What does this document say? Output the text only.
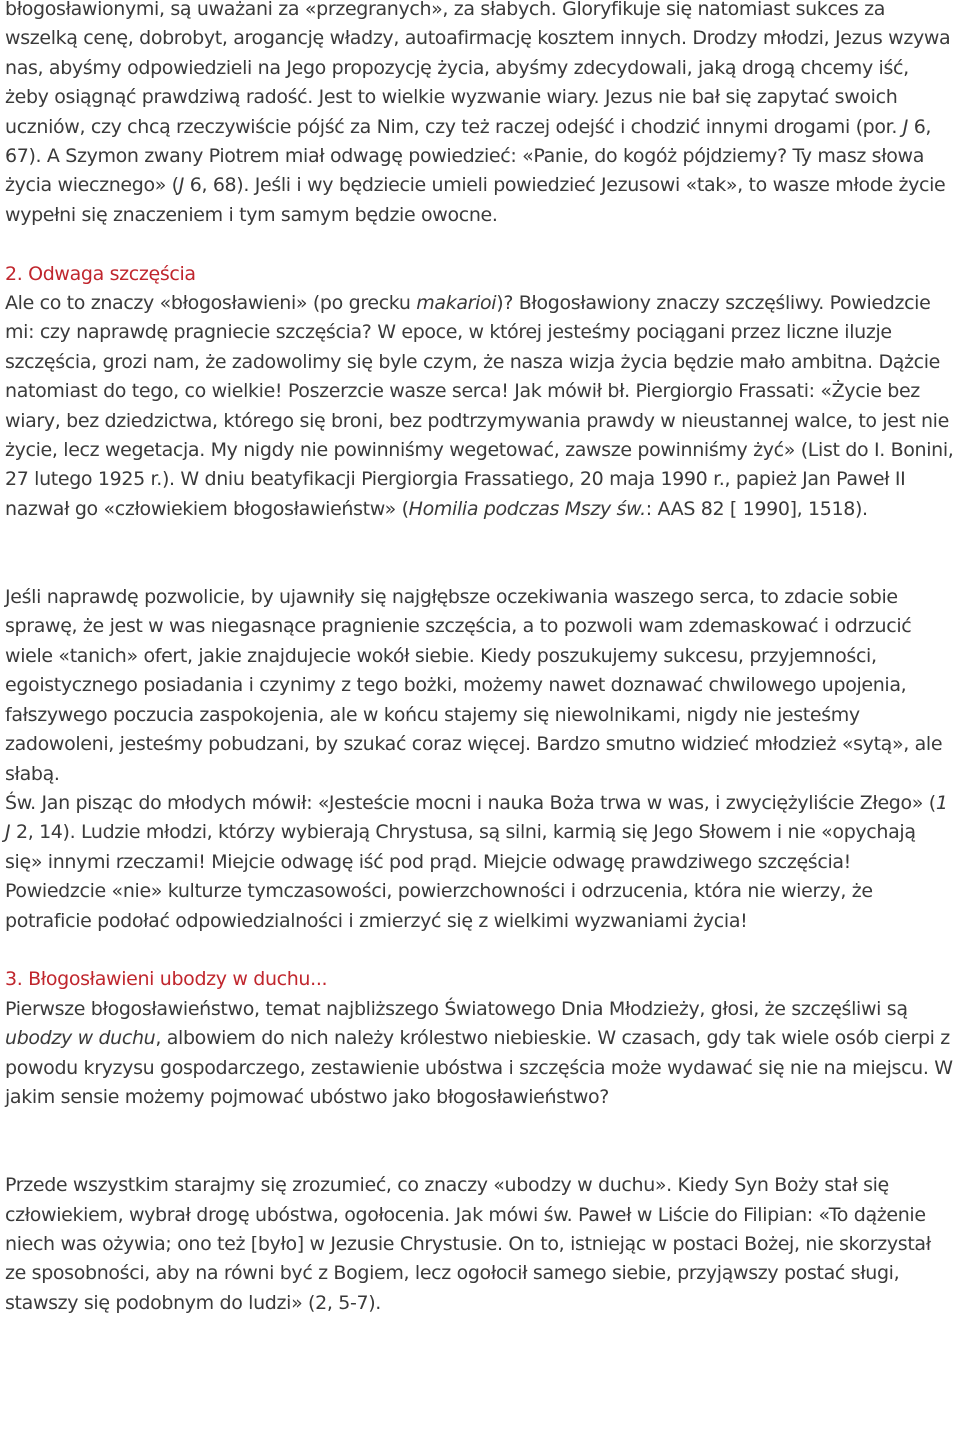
błogosławionymi, są uważani za «przegranych», za słabych. Gloryfikuje się natomiast sukces za wszelką cenę, dobrobyt, arogancję władzy, autoafirmację kosztem innych. Drodzy młodzi, Jezus wzywa nas, abyśmy odpowiedzieli na Jego propozycję życia, abyśmy zdecydowali, jaką drogą chcemy iść, żeby osiągnąć prawdziwą radość. Jest to wielkie wyzwanie wiary. Jezus nie bał się zapytać swoich uczniów, czy chcą rzeczywiście pójść za Nim, czy też raczej odejść i chodzić innymi drogami (por. J 6, 67). A Szymon zwany Piotrem miał odwagę powiedzieć: «Panie, do kogóż pójdziemy? Ty masz słowa życia wiecznego» (J 6, 68). Jeśli i wy będziecie umieli powiedzieć Jezusowi «tak», to wasze młode życie wypełni się znaczeniem i tym samym będzie owocne.

2. Odwaga szczęścia

Ale co to znaczy «błogosławieni» (po grecku makarioi)? Błogosławiony znaczy szczęśliwy. Powiedzcie mi: czy naprawdę pragniecie szczęścia? W epoce, w której jesteśmy pociągani przez liczne iluzje szczęścia, grozi nam, że zadowolimy się byle czym, że nasza wizja życia będzie mało ambitna. Dążcie natomiast do tego, co wielkie! Poszerzcie wasze serca! Jak mówił bł. Piergiorgio Frassati: «Życie bez wiary, bez dziedzictwa, którego się broni, bez podtrzymywania prawdy w nieustannej walce, to jest nie życie, lecz wegetacja. My nigdy nie powinniśmy wegetować, zawsze powinniśmy żyć» (List do I. Bonini, 27 lutego 1925 r.). W dniu beatyfikacji Piergiorgia Frassatiego, 20 maja 1990 r., papież Jan Paweł II nazwał go «człowiekiem błogosławieństw» (Homilia podczas Mszy św.: AAS 82 [ 1990], 1518).

Jeśli naprawdę pozwolicie, by ujawniły się najgłębsze oczekiwania waszego serca, to zdacie sobie sprawę, że jest w was niegasnące pragnienie szczęścia, a to pozwoli wam zdemaskować i odrzucić wiele «tanich» ofert, jakie znajdujecie wokół siebie. Kiedy poszukujemy sukcesu, przyjemności, egoistycznego posiadania i czynimy z tego bożki, możemy nawet doznawać chwilowego upojenia, fałszywego poczucia zaspokojenia, ale w końcu stajemy się niewolnikami, nigdy nie jesteśmy zadowoleni, jesteśmy pobudzani, by szukać coraz więcej. Bardzo smutno widzieć młodzież «sytą», ale słabą.

Św. Jan pisząc do młodych mówił: «Jesteście mocni i nauka Boża trwa w was, i zwyciężyliście Złego» (1 J 2, 14). Ludzie młodzi, którzy wybierają Chrystusa, są silni, karmią się Jego Słowem i nie «opychają się» innymi rzeczami! Miejcie odwagę iść pod prąd. Miejcie odwagę prawdziwego szczęścia! Powiedzcie «nie» kulturze tymczasowości, powierzchowności i odrzucenia, która nie wierzy, że potraficie podołać odpowiedzialności i zmierzyć się z wielkimi wyzwaniami życia!

3. Błogosławieni ubodzy w duchu...

Pierwsze błogosławieństwo, temat najbliższego Światowego Dnia Młodzieży, głosi, że szczęśliwi są ubodzy w duchu, albowiem do nich należy królestwo niebieskie. W czasach, gdy tak wiele osób cierpi z powodu kryzysu gospodarczego, zestawienie ubóstwa i szczęścia może wydawać się nie na miejscu. W jakim sensie możemy pojmować ubóstwo jako błogosławieństwo?

Przede wszystkim starajmy się zrozumieć, co znaczy «ubodzy w duchu». Kiedy Syn Boży stał się człowiekiem, wybrał drogę ubóstwa, ogołocenia. Jak mówi św. Paweł w Liście do Filipian: «To dążenie niech was ożywia; ono też [było] w Jezusie Chrystusie. On to, istniejąc w postaci Bożej, nie skorzystał ze sposobności, aby na równi być z Bogiem, lecz ogołocił samego siebie, przyjąwszy postać sługi, stawszy się podobnym do ludzi» (2, 5-7).
